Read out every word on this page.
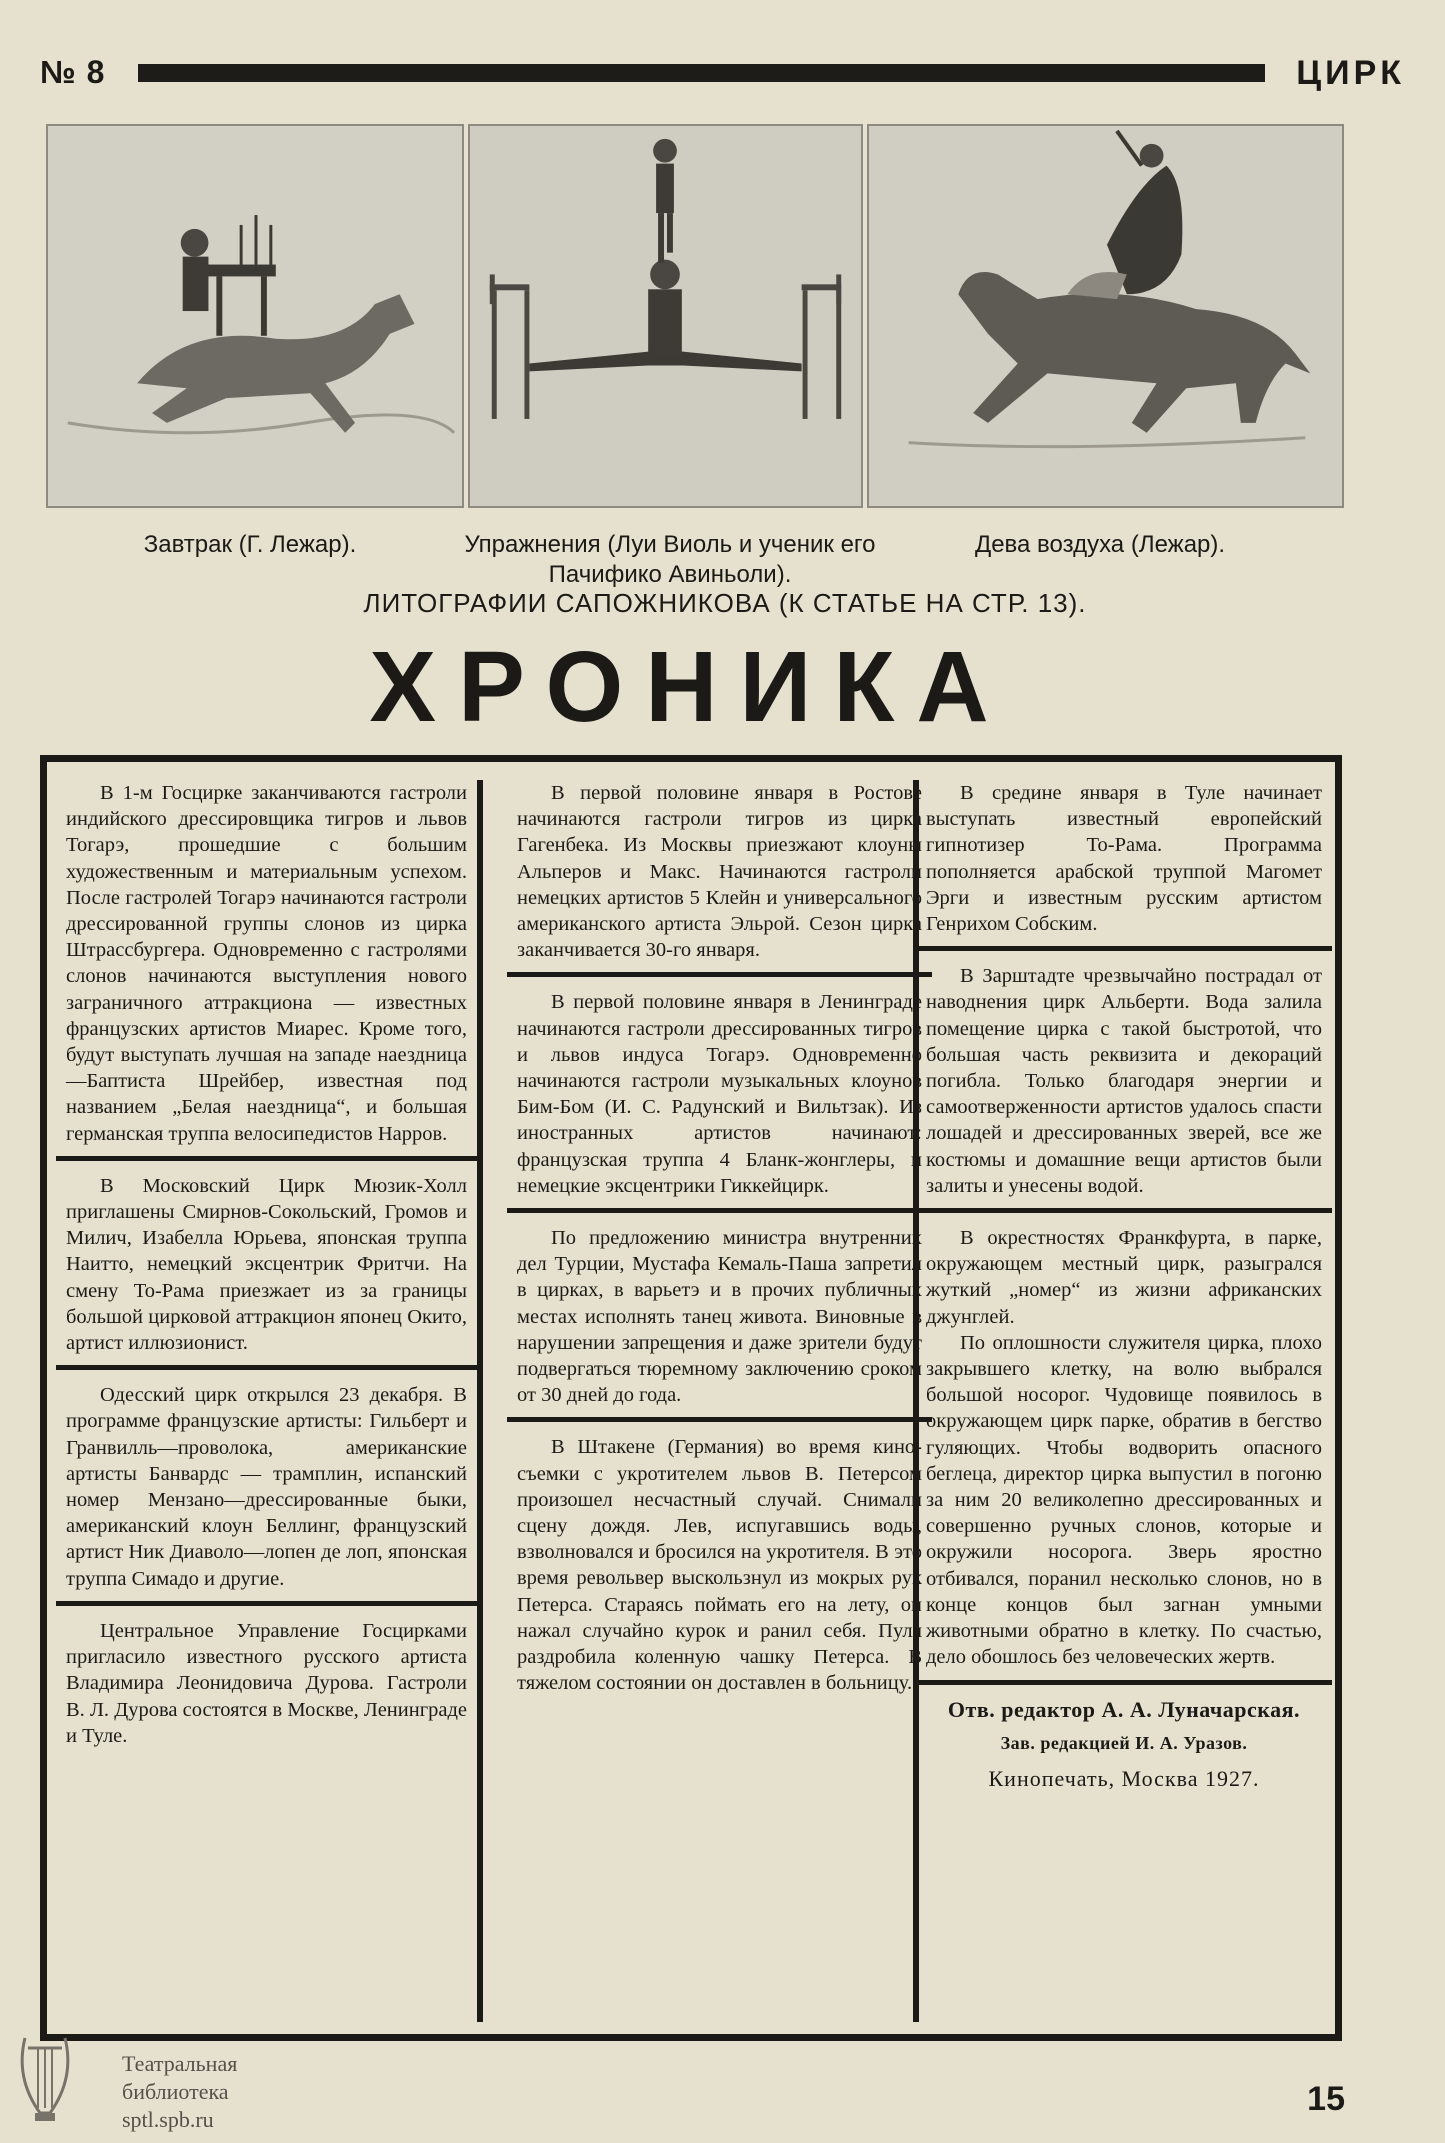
№ 8	ЦИРК
Завтрак (Г. Лежар).	Упражнения (Луи Виоль и ученик его Пачифико Авиньоли).
Дева воздуха (Лежар).
ЛИТОГРАФИИ САПОЖНИКОВА (К СТАТЬЕ НА СТР. 13).
ХРОНИКА

В 1-м Госцирке заканчиваются гастроли индийского дрессировщика тигров и львов Тогарэ, прошедшие с большим художественным и материальным успехом. После гастролей Тогарэ начинаются гастроли дрессированной группы слонов из цирка Штрассбургера. Одновременно с гастролями слонов начинаются выступления нового заграничного аттракциона — известных французских артистов Миарес. Кроме того, будут выступать лучшая на западе наездница—Баптиста Шрейбер, известная под названием „Белая наездница“, и большая германская труппа велосипедистов Нарров.

В Московский Цирк Мюзик-Холл приглашены Смирнов-Сокольский, Громов и Милич, Изабелла Юрьева, японская труппа Наитто, немецкий эксцентрик Фритчи. На смену То-Рама приезжает из за границы большой цирковой аттракцион японец Окито, артист иллюзионист.

Одесский цирк открылся 23 декабря. В программе французские артисты: Гильберт и Гранвилль—проволока, американские артисты Банвардс — трамплин, испанский номер Мензано—дрессированные быки, американский клоун Беллинг, французский артист Ник Диаволо—лопен де лоп, японская труппа Симадо и другие.

Центральное Управление Госцирками пригласило известного русского артиста Владимира Леонидовича Дурова. Гастроли В. Л. Дурова состоятся в Москве, Ленинграде и Туле.

В первой половине января в Ростове начинаются гастроли тигров из цирка Гагенбека. Из Москвы приезжают клоуны Альперов и Макс. Начинаются гастроли немецких артистов 5 Клейн и универсального американского артиста Эльрой. Сезон цирка заканчивается 30-го января.

В первой половине января в Ленинграде начинаются гастроли дрессированных тигров и львов индуса Тогарэ. Одновременно начинаются гастроли музыкальных клоунов Бим-Бом (И. С. Радунский и Вильтзак). Из иностранных артистов начинают: французская труппа 4 Бланк-жонглеры, и немецкие эксцентрики Гиккейцирк.

По предложению министра внутренних дел Турции, Мустафа Кемаль-Паша запретил в цирках, в варьетэ и в прочих публичных местах исполнять танец живота. Виновные в нарушении запрещения и даже зрители будут подвергаться тюремному заключению сроком от 30 дней до года.

В Штакене (Германия) во время кино-съемки с укротителем львов В. Петерсом произошел несчастный случай. Снимали сцену дождя. Лев, испугавшись воды, взволновался и бросился на укротителя. В это время револьвер выскользнул из мокрых рук Петерса. Стараясь поймать его на лету, он нажал случайно курок и ранил себя. Пуля раздробила коленную чашку Петерса. В тяжелом состоянии он доставлен в больницу.

В средине января в Туле начинает выступать известный европейский гипнотизер То-Рама. Программа пополняется арабской труппой Магомет Эрги и известным русским артистом Генрихом Собским.

В Зарштадте чрезвычайно пострадал от наводнения цирк Альберти. Вода залила помещение цирка с такой быстротой, что большая часть реквизита и декораций погибла. Только благодаря энергии и самоотверженности артистов удалось спасти лошадей и дрессированных зверей, все же костюмы и домашние вещи артистов были залиты и унесены водой.

В окрестностях Франкфурта, в парке, окружающем местный цирк, разыгрался жуткий „номер“ из жизни африканских джунглей.

По оплошности служителя цирка, плохо закрывшего клетку, на волю выбрался большой носорог. Чудовище появилось в окружающем цирк парке, обратив в бегство гуляющих. Чтобы водворить опасного беглеца, директор цирка выпустил в погоню за ним 20 великолепно дрессированных и совершенно ручных слонов, которые и окружили носорога. Зверь яростно отбивался, поранил несколько слонов, но в конце концов был загнан умными животными обратно в клетку. По счастью, дело обошлось без человеческих жертв.

Отв. редактор А. А. Луначарская.
Зав. редакцией И. А. Уразов.
Кинопечать, Москва 1927.
Театральная
библиотека
sptl.spb.ru
15
